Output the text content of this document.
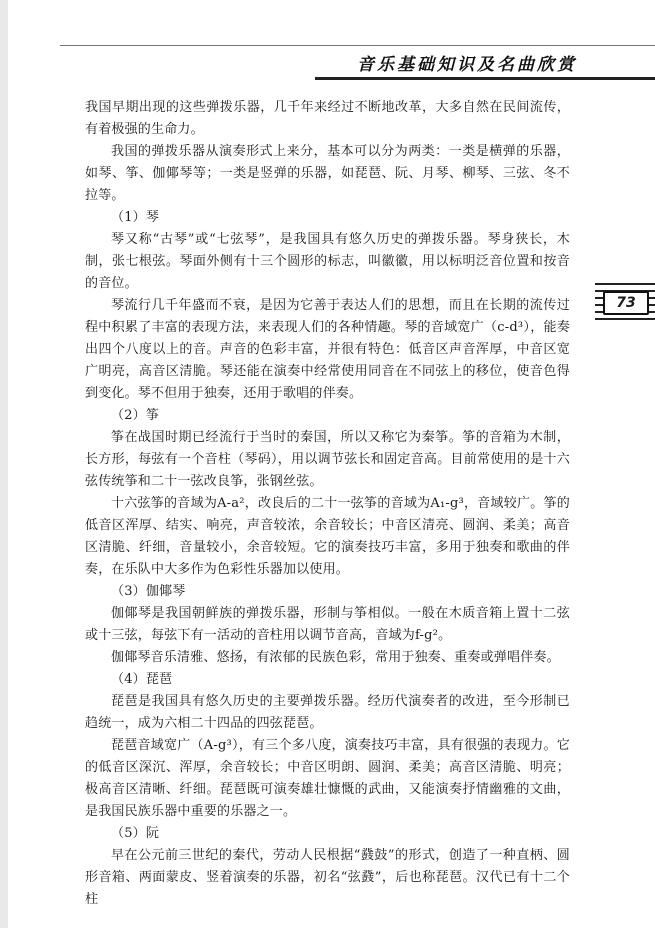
音乐基础知识及名曲欣赏
73

我国早期出现的这些弹拨乐器，几千年来经过不断地改革，大多自然在民间流传，有着极强的生命力。

我国的弹拨乐器从演奏形式上来分，基本可以分为两类：一类是横弹的乐器，如琴、筝、伽倻琴等；一类是竖弹的乐器，如琵琶、阮、月琴、柳琴、三弦、冬不拉等。

（1）琴

琴又称“古琴”或“七弦琴”，是我国具有悠久历史的弹拨乐器。琴身狭长，木制，张七根弦。琴面外侧有十三个圆形的标志，叫徽徽，用以标明泛音位置和按音的音位。

琴流行几千年盛而不衰，是因为它善于表达人们的思想，而且在长期的流传过程中积累了丰富的表现方法，来表现人们的各种情趣。琴的音域宽广（c-d³），能奏出四个八度以上的音。声音的色彩丰富，并很有特色：低音区声音浑厚，中音区宽广明亮，高音区清脆。琴还能在演奏中经常使用同音在不同弦上的移位，使音色得到变化。琴不但用于独奏，还用于歌唱的伴奏。

（2）筝

筝在战国时期已经流行于当时的秦国，所以又称它为秦筝。筝的音箱为木制，长方形，每弦有一个音柱（琴码），用以调节弦长和固定音高。目前常使用的是十六弦传统筝和二十一弦改良筝，张钢丝弦。

十六弦筝的音域为A-a²，改良后的二十一弦筝的音域为A₁-g³，音域较广。筝的低音区浑厚、结实、响亮，声音较浓，余音较长；中音区清亮、圆润、柔美；高音区清脆、纤细，音量较小，余音较短。它的演奏技巧丰富，多用于独奏和歌曲的伴奏，在乐队中大多作为色彩性乐器加以使用。

（3）伽倻琴

伽倻琴是我国朝鲜族的弹拨乐器，形制与筝相似。一般在木质音箱上置十二弦或十三弦，每弦下有一活动的音柱用以调节音高，音域为f-g²。

伽倻琴音乐清雅、悠扬，有浓郁的民族色彩，常用于独奏、重奏或弹唱伴奏。

（4）琵琶

琵琶是我国具有悠久历史的主要弹拨乐器。经历代演奏者的改进，至今形制已趋统一，成为六相二十四品的四弦琵琶。

琵琶音域宽广（A-g³），有三个多八度，演奏技巧丰富，具有很强的表现力。它的低音区深沉、浑厚，余音较长；中音区明朗、圆润、柔美；高音区清脆、明亮；极高音区清晰、纤细。琵琶既可演奏雄壮慷慨的武曲，又能演奏抒情幽雅的文曲，是我国民族乐器中重要的乐器之一。

（5）阮

早在公元前三世纪的秦代，劳动人民根据“鼗鼓”的形式，创造了一种直柄、圆形音箱、两面蒙皮、竖着演奏的乐器，初名“弦鼗”，后也称琵琶。汉代已有十二个柱
